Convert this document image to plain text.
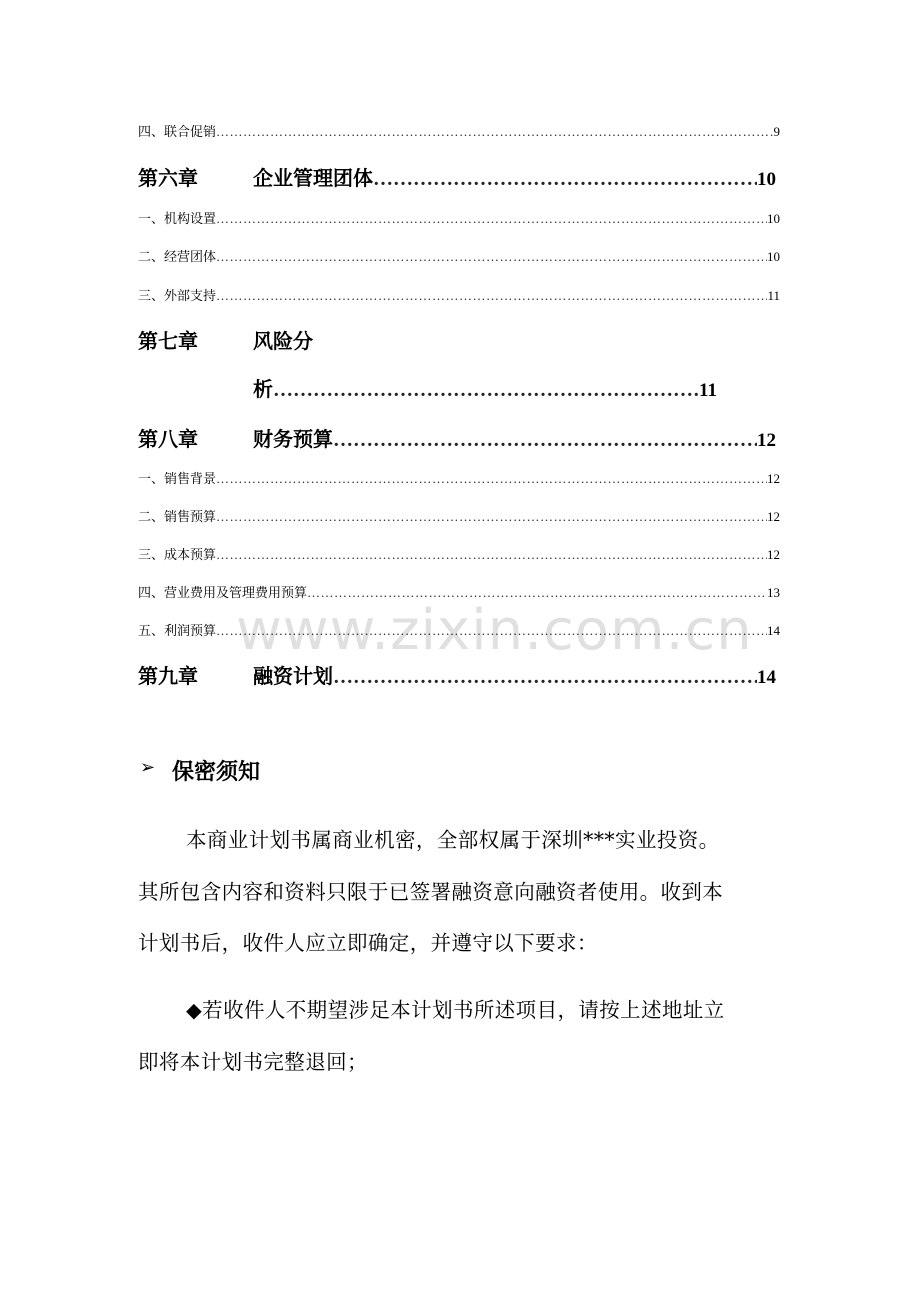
四、联合促销 …………………………………………………………………………………………………………………………………………………………………………………………………………………………………………	9
第六章	企业管理团体 …………………………………………………………………………………………………………………………………………………………………………………………………………………………………………	10
一、机构设置 …………………………………………………………………………………………………………………………………………………………………………………………………………………………………………	10
二、经营团体 …………………………………………………………………………………………………………………………………………………………………………………………………………………………………………	10
三、外部支持 …………………………………………………………………………………………………………………………………………………………………………………………………………………………………………	11
第七章	风险分
析 …………………………………………………………………………………………………………………………………………………………………………………………………………………………………………	11
第八章	财务预算 …………………………………………………………………………………………………………………………………………………………………………………………………………………………………………	12
一、销售背景 …………………………………………………………………………………………………………………………………………………………………………………………………………………………………………	12
二、销售预算 …………………………………………………………………………………………………………………………………………………………………………………………………………………………………………	12
三、成本预算 …………………………………………………………………………………………………………………………………………………………………………………………………………………………………………	12
四、营业费用及管理费用预算 …………………………………………………………………………………………………………………………………………………………………………………………………………………………………………	13
五、利润预算 …………………………………………………………………………………………………………………………………………………………………………………………………………………………………………	14
www.zixin.com.cn
第九章	融资计划 …………………………………………………………………………………………………………………………………………………………………………………………………………………………………………	14
➢ 保密须知
本商业计划书属商业机密，全部权属于深圳***实业投资。
其所包含内容和资料只限于已签署融资意向融资者使用。收到本
计划书后，收件人应立即确定，并遵守以下要求：
◆若收件人不期望涉足本计划书所述项目，请按上述地址立
即将本计划书完整退回；
